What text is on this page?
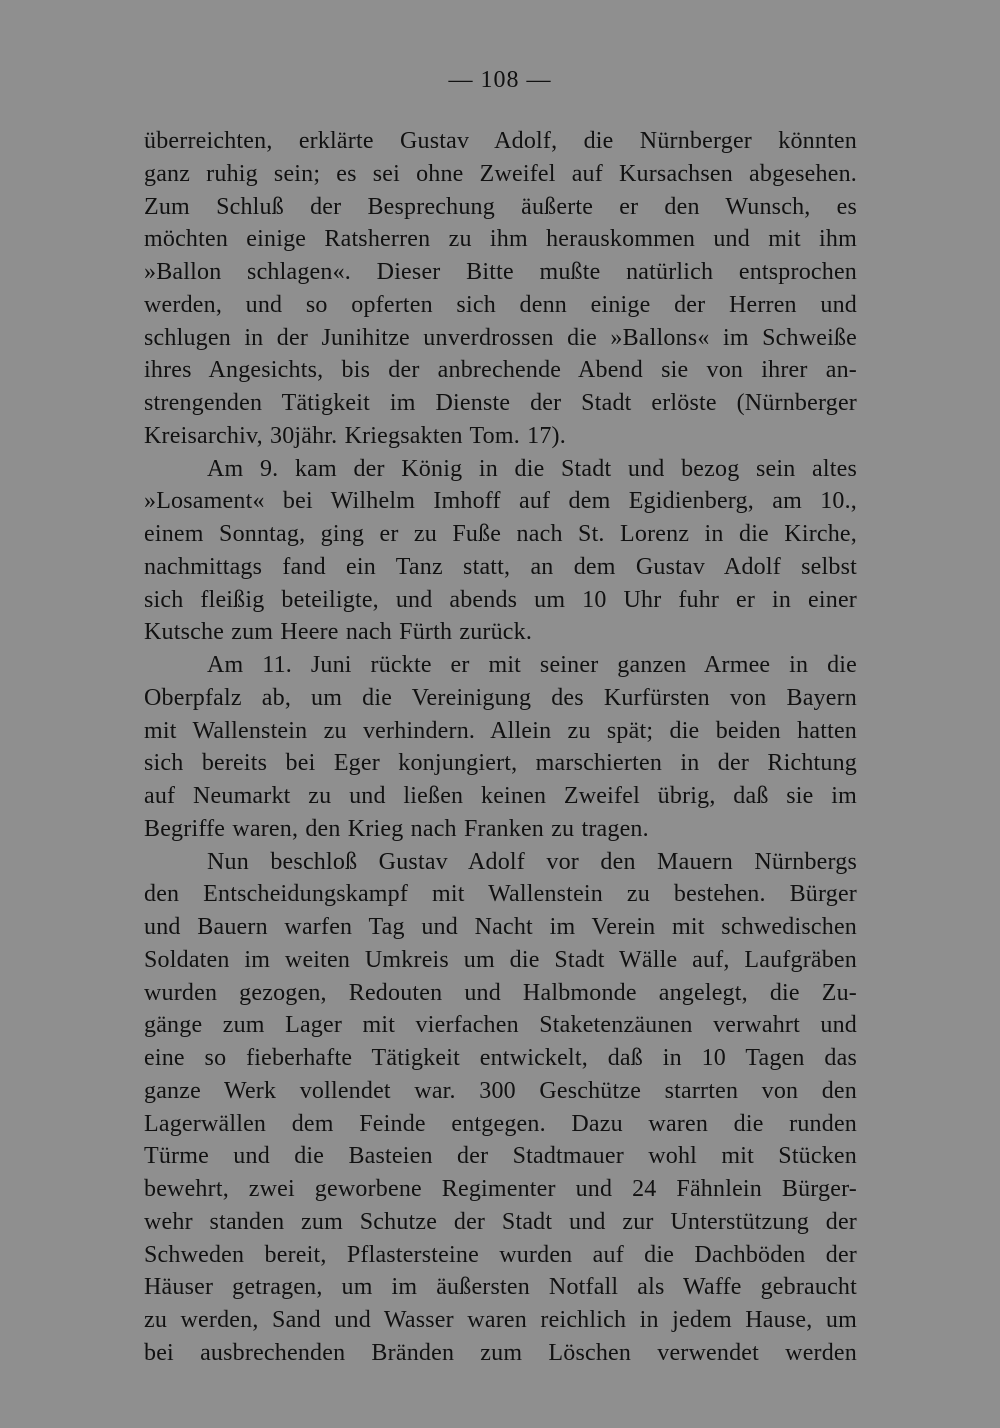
— 108 —
überreichten, erklärte Gustav Adolf, die Nürnberger könnten
ganz ruhig sein; es sei ohne Zweifel auf Kursachsen abgesehen.
Zum Schluß der Besprechung äußerte er den Wunsch, es
möchten einige Ratsherren zu ihm herauskommen und mit ihm
»Ballon schlagen«. Dieser Bitte mußte natürlich entsprochen
werden, und so opferten sich denn einige der Herren und
schlugen in der Junihitze unverdrossen die »Ballons« im Schweiße
ihres Angesichts, bis der anbrechende Abend sie von ihrer an-
strengenden Tätigkeit im Dienste der Stadt erlöste (Nürnberger
Kreisarchiv, 30jähr. Kriegsakten Tom. 17).
Am 9. kam der König in die Stadt und bezog sein altes
»Losament« bei Wilhelm Imhoff auf dem Egidienberg, am 10.,
einem Sonntag, ging er zu Fuße nach St. Lorenz in die Kirche,
nachmittags fand ein Tanz statt, an dem Gustav Adolf selbst
sich fleißig beteiligte, und abends um 10 Uhr fuhr er in einer
Kutsche zum Heere nach Fürth zurück.
Am 11. Juni rückte er mit seiner ganzen Armee in die
Oberpfalz ab, um die Vereinigung des Kurfürsten von Bayern
mit Wallenstein zu verhindern. Allein zu spät; die beiden hatten
sich bereits bei Eger konjungiert, marschierten in der Richtung
auf Neumarkt zu und ließen keinen Zweifel übrig, daß sie im
Begriffe waren, den Krieg nach Franken zu tragen.
Nun beschloß Gustav Adolf vor den Mauern Nürnbergs
den Entscheidungskampf mit Wallenstein zu bestehen. Bürger
und Bauern warfen Tag und Nacht im Verein mit schwedischen
Soldaten im weiten Umkreis um die Stadt Wälle auf, Laufgräben
wurden gezogen, Redouten und Halbmonde angelegt, die Zu-
gänge zum Lager mit vierfachen Staketenzäunen verwahrt und
eine so fieberhafte Tätigkeit entwickelt, daß in 10 Tagen das
ganze Werk vollendet war. 300 Geschütze starrten von den
Lagerwällen dem Feinde entgegen. Dazu waren die runden
Türme und die Basteien der Stadtmauer wohl mit Stücken
bewehrt, zwei geworbene Regimenter und 24 Fähnlein Bürger-
wehr standen zum Schutze der Stadt und zur Unterstützung der
Schweden bereit, Pflastersteine wurden auf die Dachböden der
Häuser getragen, um im äußersten Notfall als Waffe gebraucht
zu werden, Sand und Wasser waren reichlich in jedem Hause, um
bei ausbrechenden Bränden zum Löschen verwendet werden
